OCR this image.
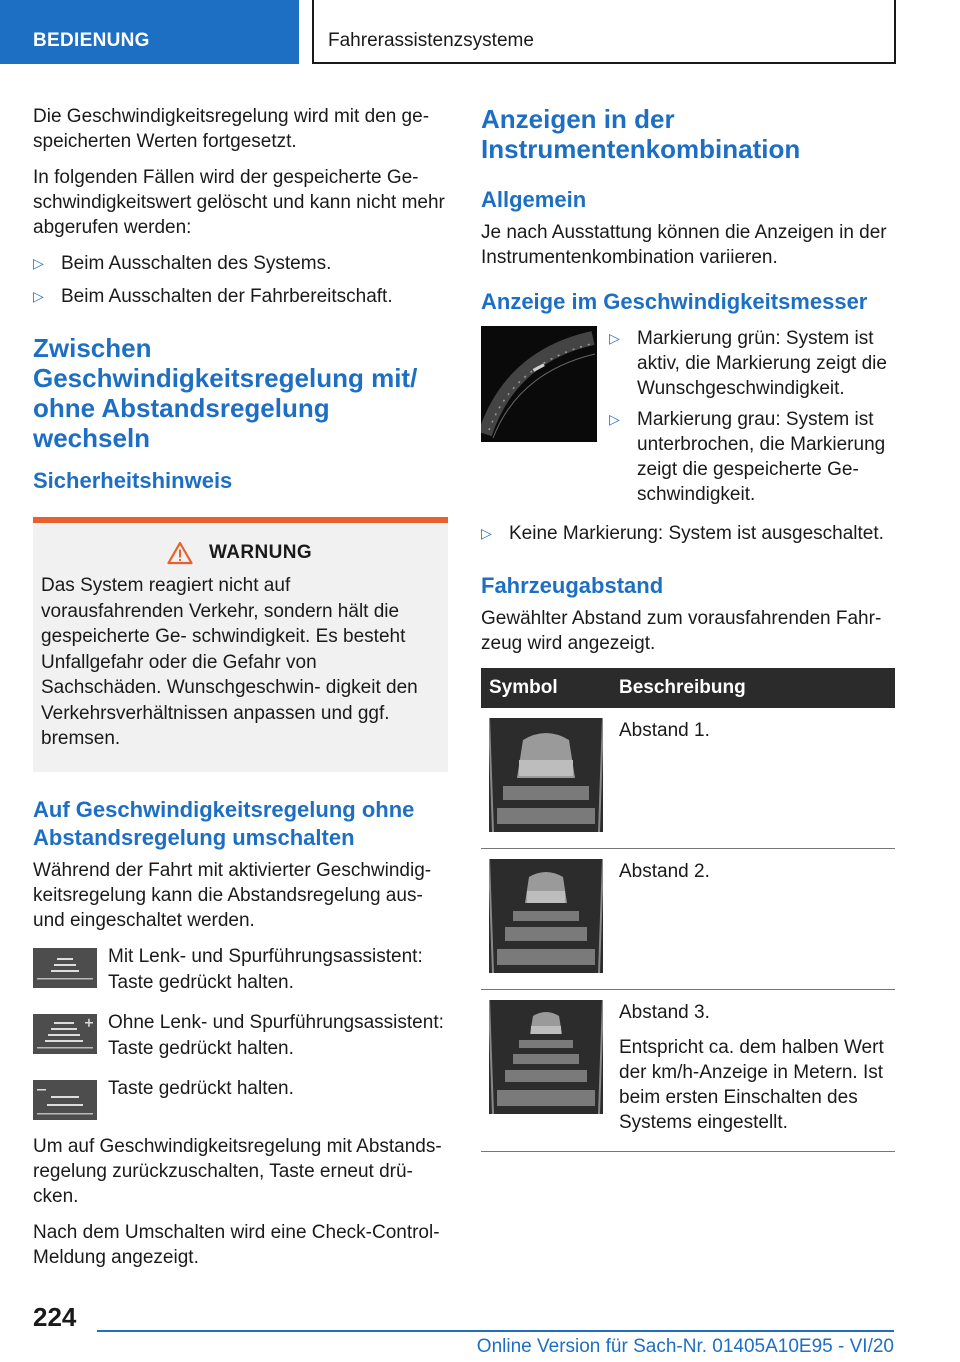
BEDIENUNG	Fahrerassistenzsysteme

Die Geschwindigkeitsregelung wird mit den ge‐ speicherten Werten fortgesetzt.

In folgenden Fällen wird der gespeicherte Ge‐ schwindigkeitswert gelöscht und kann nicht mehr abgerufen werden:

▷ Beim Ausschalten des Systems.
▷ Beim Ausschalten der Fahrbereitschaft.
Zwischen Geschwindigkeitsregelung mit/ ohne Abstandsregelung wechseln
Sicherheitshinweis
WARNUNG
Das System reagiert nicht auf vorausfahrenden Verkehr, sondern hält die gespeicherte Ge‐ schwindigkeit. Es besteht Unfallgefahr oder die Gefahr von Sachschäden. Wunschgeschwin‐ digkeit den Verkehrsverhältnissen anpassen und ggf. bremsen.
Auf Geschwindigkeitsregelung ohne Abstandsregelung umschalten

Während der Fahrt mit aktivierter Geschwindig‐ keitsregelung kann die Abstandsregelung aus- und eingeschaltet werden.

Mit Lenk- und Spurführungsassistent: Taste gedrückt halten.
Ohne Lenk- und Spurführungsassistent: Taste gedrückt halten.
Taste gedrückt halten.

Um auf Geschwindigkeitsregelung mit Abstands‐ regelung zurückzuschalten, Taste erneut drü‐ cken.

Nach dem Umschalten wird eine Check-Control-Meldung angezeigt.

Anzeigen in der Instrumentenkombination
Allgemein

Je nach Ausstattung können die Anzeigen in der Instrumentenkombination variieren.

Anzeige im Geschwindigkeitsmesser
▷ Markierung grün: System ist aktiv, die Markierung zeigt die Wunschgeschwindigkeit.
▷ Markierung grau: System ist unterbrochen, die Markierung zeigt die gespeicherte Ge‐ schwindigkeit.
▷ Keine Markierung: System ist ausgeschaltet.
Fahrzeugabstand

Gewählter Abstand zum vorausfahrenden Fahr‐ zeug wird angezeigt.

Symbol	Beschreibung

Abstand 1.

Abstand 2.

Abstand 3.
Entspricht ca. dem halben Wert der km/h-Anzeige in Metern. Ist beim ersten Einschalten des Systems eingestellt.
224
Online Version für Sach-Nr. 01405A10E95 - VI/20
